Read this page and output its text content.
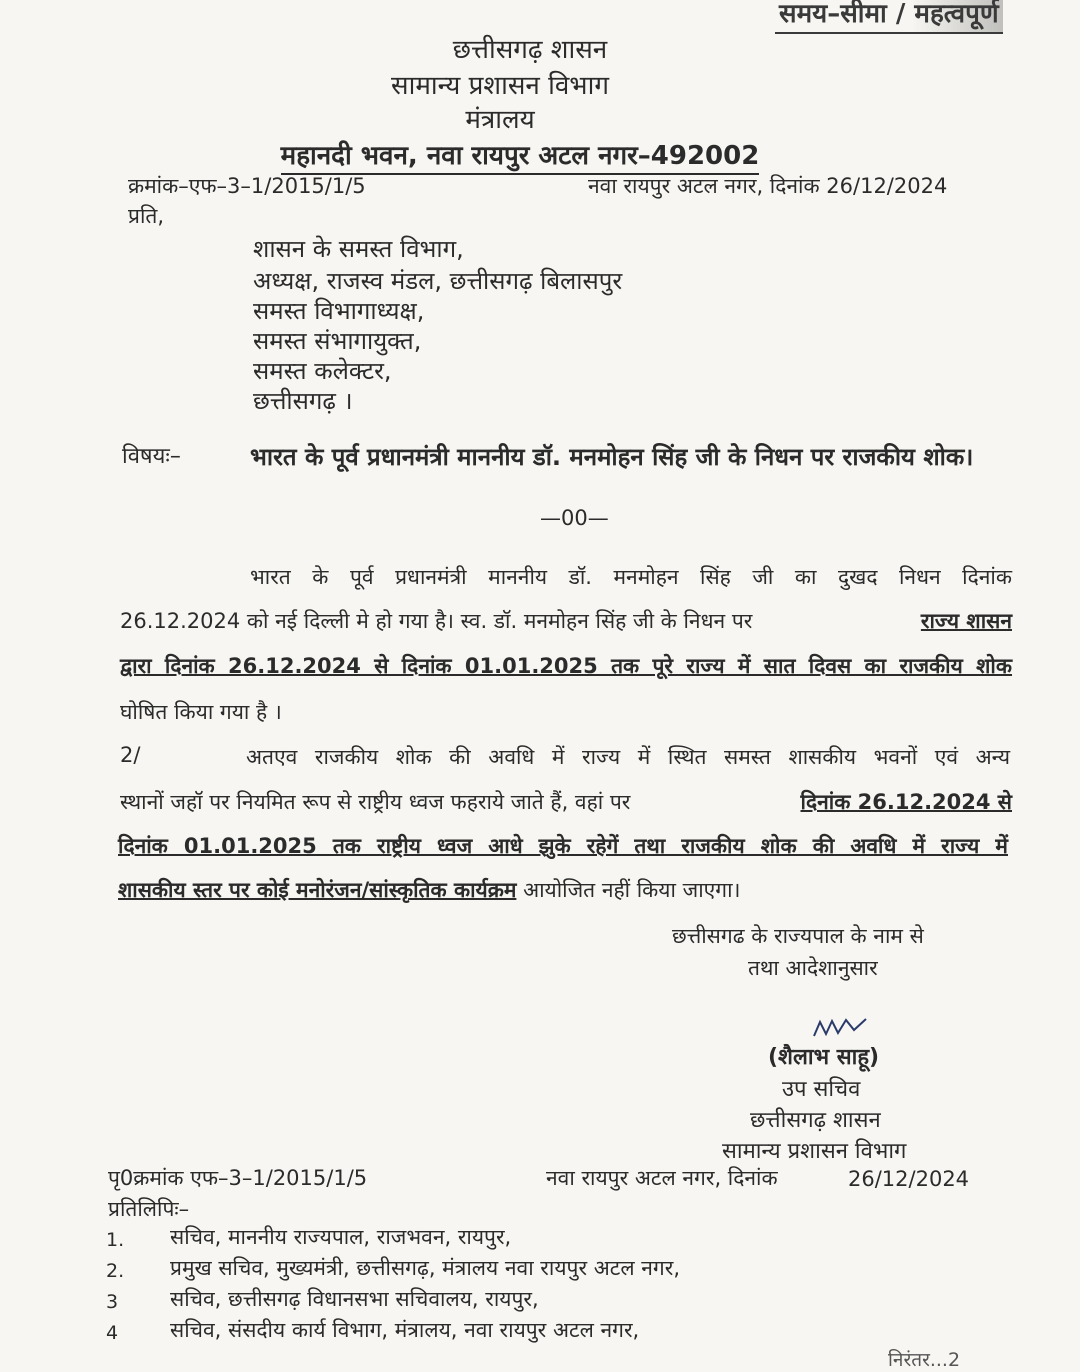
समय–सीमा / महत्वपूर्ण
छत्तीसगढ़ शासन
सामान्य प्रशासन विभाग
मंत्रालय
महानदी भवन, नवा रायपुर अटल नगर–492002
क्रमांक–एफ–3–1/2015/1/5	नवा रायपुर अटल नगर, दिनांक 26/12/2024
प्रति,
शासन के समस्त विभाग,
अध्यक्ष, राजस्व मंडल, छत्तीसगढ़ बिलासपुर
समस्त विभागाध्यक्ष,
समस्त संभागायुक्त,
समस्त कलेक्टर,
छत्तीसगढ़ ।
विषयः–	भारत के पूर्व प्रधानमंत्री माननीय डॉ. मनमोहन सिंह जी के निधन पर राजकीय शोक।
—00—
भारत के पूर्व प्रधानमंत्री माननीय डॉ. मनमोहन सिंह जी का दुखद निधन दिनांक
26.12.2024 को नई दिल्ली मे हो गया है। स्व. डॉ. मनमोहन सिंह जी के निधन पर	राज्य शासन
द्वारा दिनांक 26.12.2024 से दिनांक 01.01.2025 तक पूरे राज्य में सात दिवस का राजकीय शोक
घोषित किया गया है ।
2/	अतएव राजकीय शोक की अवधि में राज्य में स्थित समस्त शासकीय भवनों एवं अन्य
स्थानों जहॉ पर नियमित रूप से राष्ट्रीय ध्वज फहराये जाते हैं, वहां पर	दिनांक 26.12.2024 से
दिनांक 01.01.2025 तक राष्ट्रीय ध्वज आधे झुके रहेगें तथा राजकीय शोक की अवधि में राज्य में
शासकीय स्तर पर कोई मनोरंजन/सांस्कृतिक कार्यक्रम आयोजित नहीं किया जाएगा।
छत्तीसगढ के राज्यपाल के नाम से
तथा आदेशानुसार
(शैलाभ साहू)
उप सचिव
छत्तीसगढ़ शासन
सामान्य प्रशासन विभाग
पृ0क्रमांक एफ–3–1/2015/1/5	नवा रायपुर अटल नगर, दिनांक	26/12/2024
प्रतिलिपिः–
1. सचिव, माननीय राज्यपाल, राजभवन, रायपुर,
2. प्रमुख सचिव, मुख्यमंत्री, छत्तीसगढ़, मंत्रालय नवा रायपुर अटल नगर,
3 सचिव, छत्तीसगढ़ विधानसभा सचिवालय, रायपुर,
4 सचिव, संसदीय कार्य विभाग, मंत्रालय, नवा रायपुर अटल नगर,
निरंतर...2
